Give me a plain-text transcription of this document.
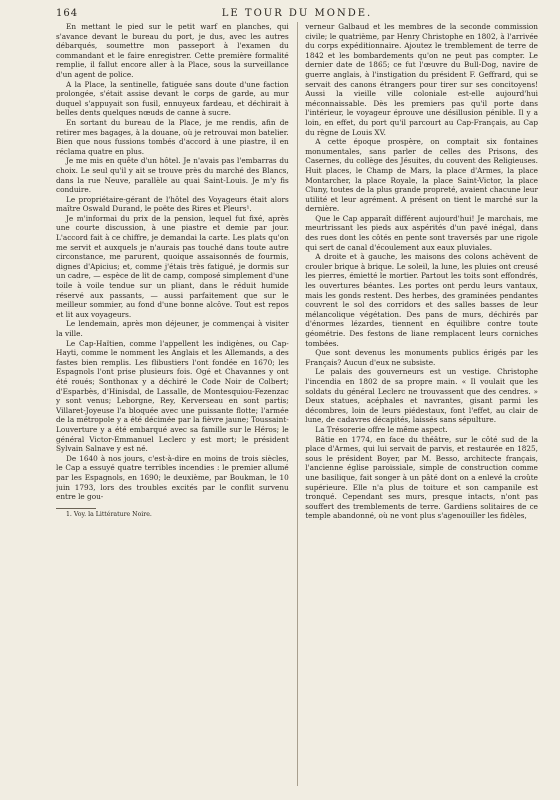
164	LE TOUR DU MONDE.

En mettant le pied sur le petit warf en planches, qui s'avance devant le bureau du port, je dus, avec les autres débarqués, soumettre mon passeport à l'examen du commandant et le faire enregistrer. Cette première formalité remplie, il fallut encore aller à la Place, sous la surveillance d'un agent de police.

A la Place, la sentinelle, fatiguée sans doute d'une faction prolongée, s'était assise devant le corps de garde, au mur duquel s'appuyait son fusil, ennuyeux fardeau, et déchirait à belles dents quelques nœuds de canne à sucre.

En sortant du bureau de la Place, je me rendis, afin de retirer mes bagages, à la douane, où je retrouvai mon batelier. Bien que nous fussions tombés d'accord à une piastre, il en réclama quatre en plus.

Je me mis en quête d'un hôtel. Je n'avais pas l'embarras du choix. Le seul qu'il y ait se trouve près du marché des Blancs, dans la rue Neuve, parallèle au quai Saint-Louis. Je m'y fis conduire.

Le propriétaire-gérant de l'hôtel des Voyageurs était alors maître Oswald Durand, le poëte des Rires et Pleurs¹.

Je m'informai du prix de la pension, lequel fut fixé, après une courte discussion, à une piastre et demie par jour. L'accord fait à ce chiffre, je demandai la carte. Les plats qu'on me servit et auxquels je n'aurais pas touché dans toute autre circonstance, me parurent, quoique assaisonnés de fourmis, dignes d'Apicius; et, comme j'étais très fatigué, je dormis sur un cadre, — espèce de lit de camp, composé simplement d'une toile à voile tendue sur un pliant, dans le réduit humide réservé aux passants, — aussi parfaitement que sur le meilleur sommier, au fond d'une bonne alcôve. Tout est repos et lit aux voyageurs.

Le lendemain, après mon déjeuner, je commençai à visiter la ville.

Le Cap-Haïtien, comme l'appellent les indigènes, ou Cap-Hayti, comme le nomment les Anglais et les Allemands, a des fastes bien remplis. Les flibustiers l'ont fondée en 1670; les Espagnols l'ont prise plusieurs fois. Ogé et Chavannes y ont été roués; Sonthonax y a déchiré le Code Noir de Colbert; d'Esparbès, d'Hinisdal, de Lassalle, de Montesquiou-Fezenzac y sont venus; Leborgne, Rey, Kerverseau en sont partis; Villaret-Joyeuse l'a bloquée avec une puissante flotte; l'armée de la métropole y a été décimée par la fièvre jaune; Toussaint-Louverture y a été embarqué avec sa famille sur le Héros; le général Victor-Emmanuel Leclerc y est mort; le président Sylvain Salnave y est né.

De 1640 à nos jours, c'est-à-dire en moins de trois siècles, le Cap a essuyé quatre terribles incendies : le premier allumé par les Espagnols, en 1690; le deuxième, par Boukman, le 10 juin 1793, lors des troubles excités par le conflit survenu entre le gou-

1. Voy. la Littérature Noire.

verneur Galbaud et les membres de la seconde commission civile; le quatrième, par Henry Christophe en 1802, à l'arrivée du corps expéditionnaire. Ajoutez le tremblement de terre de 1842 et les bombardements qu'on ne peut pas compter. Le dernier date de 1865; ce fut l'œuvre du Bull-Dog, navire de guerre anglais, à l'instigation du président F. Geffrard, qui se servait des canons étrangers pour tirer sur ses concitoyens! Aussi la vieille ville coloniale est-elle aujourd'hui méconnaissable. Dès les premiers pas qu'il porte dans l'intérieur, le voyageur éprouve une désillusion pénible. Il y a loin, en effet, du port qu'il parcourt au Cap-Français, au Cap du règne de Louis XV.

A cette époque prospère, on comptait six fontaines monumentales, sans parler de celles des Prisons, des Casernes, du collège des Jésuites, du couvent des Religieuses. Huit places, le Champ de Mars, la place d'Armes, la place Montarcher, la place Royale, la place Saint-Victor, la place Cluny, toutes de la plus grande propreté, avaient chacune leur utilité et leur agrément. A présent on tient le marché sur la dernière.

Que le Cap apparaît différent aujourd'hui! Je marchais, me meurtrissant les pieds aux aspérités d'un pavé inégal, dans des rues dont les côtés en pente sont traversés par une rigole qui sert de canal d'écoulement aux eaux pluviales.

A droite et à gauche, les maisons des colons achèvent de crouler brique à brique. Le soleil, la lune, les pluies ont creusé les pierres, émietté le mortier. Partout les toits sont effondrés, les ouvertures béantes. Les portes ont perdu leurs vantaux, mais les gonds restent. Des herbes, des graminées pendantes couvrent le sol des corridors et des salles basses de leur mélancolique végétation. Des pans de murs, déchirés par d'énormes lézardes, tiennent en équilibre contre toute géométrie. Des festons de liane remplacent leurs corniches tombées.

Que sont devenus les monuments publics érigés par les Français? Aucun d'eux ne subsiste.

Le palais des gouverneurs est un vestige. Christophe l'incendia en 1802 de sa propre main. « Il voulait que les soldats du général Leclerc ne trouvassent que des cendres. » Deux statues, acéphales et navrantes, gisant parmi les décombres, loin de leurs piédestaux, font l'effet, au clair de lune, de cadavres décapités, laissés sans sépulture.

La Trésorerie offre le même aspect.

Bâtie en 1774, en face du théâtre, sur le côté sud de la place d'Armes, qui lui servait de parvis, et restaurée en 1825, sous le président Boyer, par M. Besso, architecte français, l'ancienne église paroissiale, simple de construction comme une basilique, fait songer à un pâté dont on a enlevé la croûte supérieure. Elle n'a plus de toiture et son campanile est tronqué. Cependant ses murs, presque intacts, n'ont pas souffert des tremblements de terre. Gardiens solitaires de ce temple abandonné, où ne vont plus s'agenouiller les fidèles,
